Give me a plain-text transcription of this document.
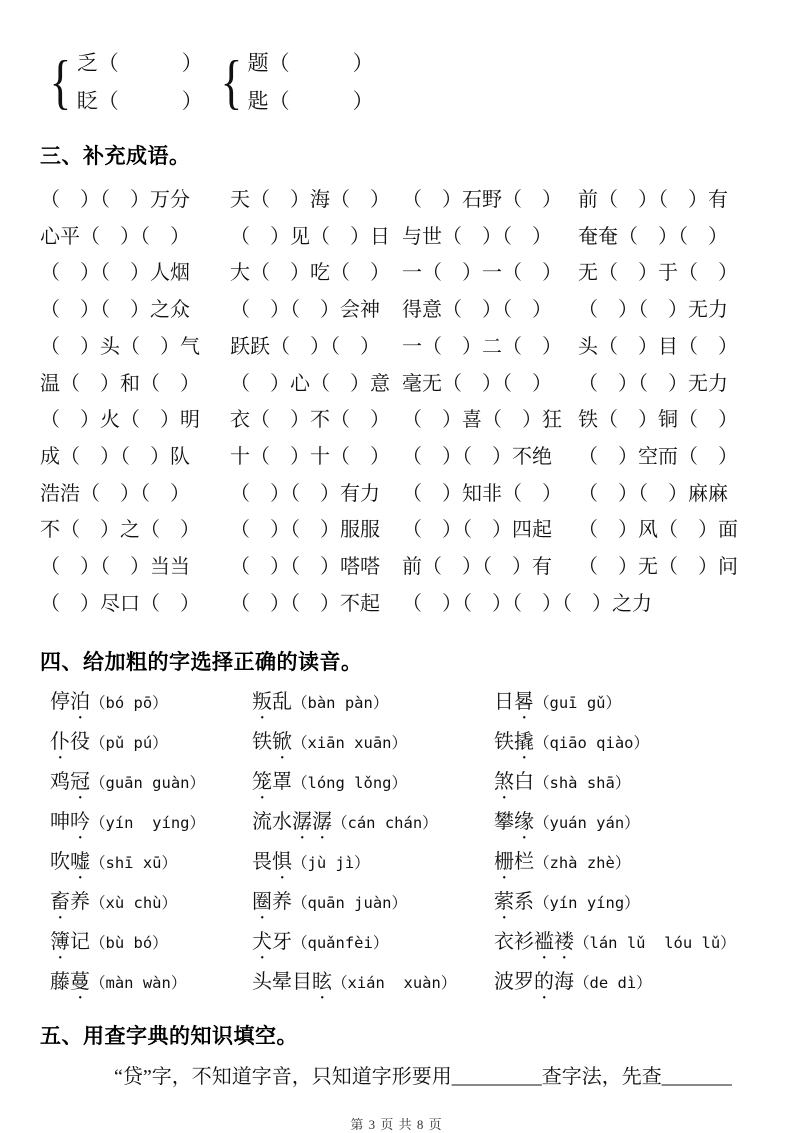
{ 乏（　　　）
眨（　　　） { 题（　　　）
匙（　　　）
三、补充成语。
（　）（　）万分	天（　）海（　） （　）石野（　） 前（　）（　）有
心平（　）（　）	（　）见（　）日 与世（　）（　）	奄奄（　）（　）
（　）（　）人烟	大（　）吃（　） 一（　）一（　） 无（　）于（　）
（　）（　）之众	（　）（　）会神	得意（　）（　）	（　）（　）无力
（　）头（　）气	跃跃（　）（　）	一（　）二（　） 头（　）目（　）
温（　）和（　）	（　）心（　）意 毫无（　）（　）	（　）（　）无力
（　）火（　）明	衣（　）不（　） （　）喜（　）狂 铁（　）铜（　）
成（　）（　）队	十（　）十（　） （　）（　）不绝	（　）空而（　）
浩浩（　）（　）	（　）（　）有力	（　）知非（　） （　）（　）麻麻
不（　）之（　）	（　）（　）服服	（　）（　）四起	（　）风（　）面
（　）（　）当当	（　）（　）嗒嗒	前（　）（　）有	（　）无（　）问
（　）尽口（　）	（　）（　）不起	（　）（　）（　）（　）之力
四、给加粗的字选择正确的读音。
停泊（bó pō）	叛乱（bàn pàn）	日晷（guī gǔ）
仆役（pǔ pú）	铁锨（xiān xuān）	铁撬（qiāo qiào）
鸡冠（guān guàn）	笼罩（lóng lǒng）	煞白（shà shā）
呻吟（yín  yíng）	流水潺潺（cán chán）	攀缘（yuán yán）
吹嘘（shī xū）	畏惧（jù jì）	栅栏（zhà zhè）
畜养（xù chù）	圈养（quān juàn）	萦系（yín yíng）
簿记（bù bó）	犬牙（quǎnfèi）	衣衫褴褛（lán lǔ  lóu lǔ）
藤蔓（màn wàn）	头晕目眩（xián  xuàn）	波罗的海（de dì）
五、用查字典的知识填空。

“贷”字，不知道字音，只知道字形要用_________查字法，先查_______

第 3 页 共 8 页
